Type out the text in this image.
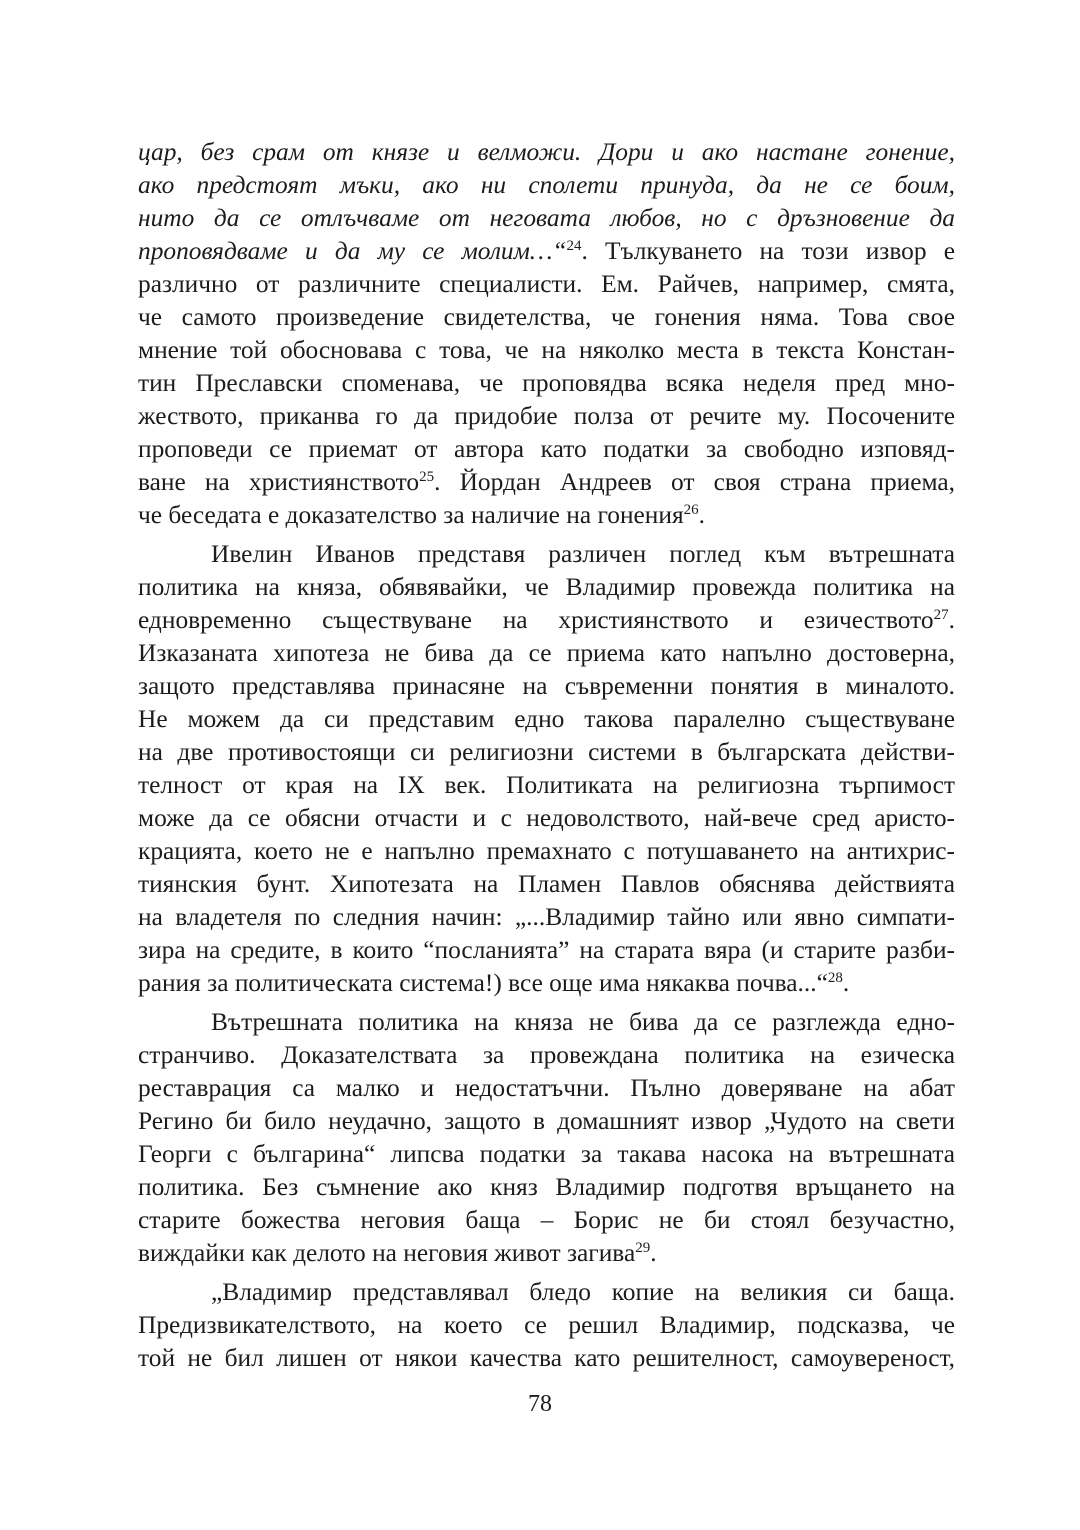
цар, без срам от князе и велможи. Дори и ако настане гонение,
ако предстоят мъки, ако ни сполети принуда, да не се боим,
нито да се отлъчваме от неговата любов, но с дръзновение да
проповядваме и да му се молим…“$^{24}$. Тълкуването на този извор е
различно от различните специалисти. Ем. Райчев, например, смята,
че самото произведение свидетелства, че гонения няма. Това свое
мнение той обосновава с това, че на няколко места в текста Констан-
тин Преславски споменава, че проповядва всяка неделя пред мно-
жеството, приканва го да придобие полза от речите му. Посочените
проповеди се приемат от автора като податки за свободно изповяд-
ване на християнството$^{25}$. Йордан Андреев от своя страна приема,
че беседата е доказателство за наличие на гонения$^{26}$.
Ивелин Иванов представя различен поглед към вътрешната
политика на княза, обявявайки, че Владимир провежда политика на
едновременно съществуване на християнството и езичеството$^{27}$.
Изказаната хипотеза не бива да се приема като напълно достоверна,
защото представлява принасяне на съвременни понятия в миналото.
Не можем да си представим едно такова паралелно съществуване
на две противостоящи си религиозни системи в българската действи-
телност от края на IX век. Политиката на религиозна търпимост
може да се обясни отчасти и с недоволството, най-вече сред аристо-
крацията, което не е напълно премахнато с потушаването на антихрис-
тиянския бунт. Хипотезата на Пламен Павлов обяснява действията
на владетеля по следния начин: „...Владимир тайно или явно симпати-
зира на средите, в които “посланията” на старата вяра (и старите разби-
рания за политическата система!) все още има някаква почва...“$^{28}$.
Вътрешната политика на княза не бива да се разглежда едно-
странчиво. Доказателствата за провеждана политика на езическа
реставрация са малко и недостатъчни. Пълно доверяване на абат
Регино би било неудачно, защото в домашният извор „Чудото на свети
Георги с българина“ липсва податки за такава насока на вътрешната
политика. Без съмнение ако княз Владимир подготвя връщането на
старите божества неговия баща – Борис не би стоял безучастно,
виждайки как делото на неговия живот загива$^{29}$.
„Владимир представлявал бледо копие на великия си баща.
Предизвикателството, на което се решил Владимир, подсказва, че
той не бил лишен от някои качества като решителност, самоувереност,
78
